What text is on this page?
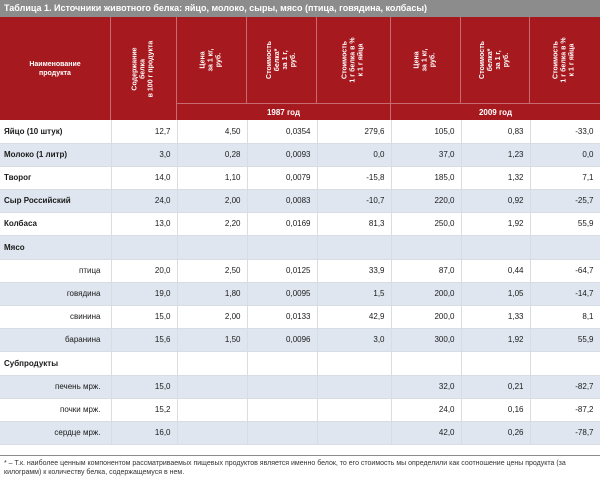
Таблица 1. Источники животного белка: яйцо, молоко, сыры, мясо (птица, говядина, колбасы)
Наименование
продукта	Содержание
белка
в 100 г продукта	Цена
за 1 кг,
руб.	Стоимость
белка*
за 1 г,
руб.	Стоимость
1 г белка в %
к 1 г яйца	Цена
за 1 кг,
руб.	Стоимость
белка*
за 1 г,
руб.	Стоимость
1 г белка в %
к 1 г яйца
1987 год	2009 год
Яйцо (10 штук)	12,7	4,50	0,0354	279,6	105,0	0,83	-33,0
Молоко (1 литр)	3,0	0,28	0,0093	0,0	37,0	1,23	0,0
Творог	14,0	1,10	0,0079	-15,8	185,0	1,32	7,1
Сыр Российский	24,0	2,00	0,0083	-10,7	220,0	0,92	-25,7
Колбаса	13,0	2,20	0,0169	81,3	250,0	1,92	55,9
Мясо							
птица	20,0	2,50	0,0125	33,9	87,0	0,44	-64,7
говядина	19,0	1,80	0,0095	1,5	200,0	1,05	-14,7
свинина	15,0	2,00	0,0133	42,9	200,0	1,33	8,1
баранина	15,6	1,50	0,0096	3,0	300,0	1,92	55,9
Субпродукты							
печень мрж.	15,0				32,0	0,21	-82,7
почки мрж.	15,2				24,0	0,16	-87,2
сердце мрж.	16,0				42,0	0,26	-78,7
* – Т.к. наиболее ценным компонентом рассматриваемых пищевых продуктов является именно белок, то его стоимость мы определили как соотношение цены продукта (за килограмм) к количеству белка, содержащемуся в нем.
